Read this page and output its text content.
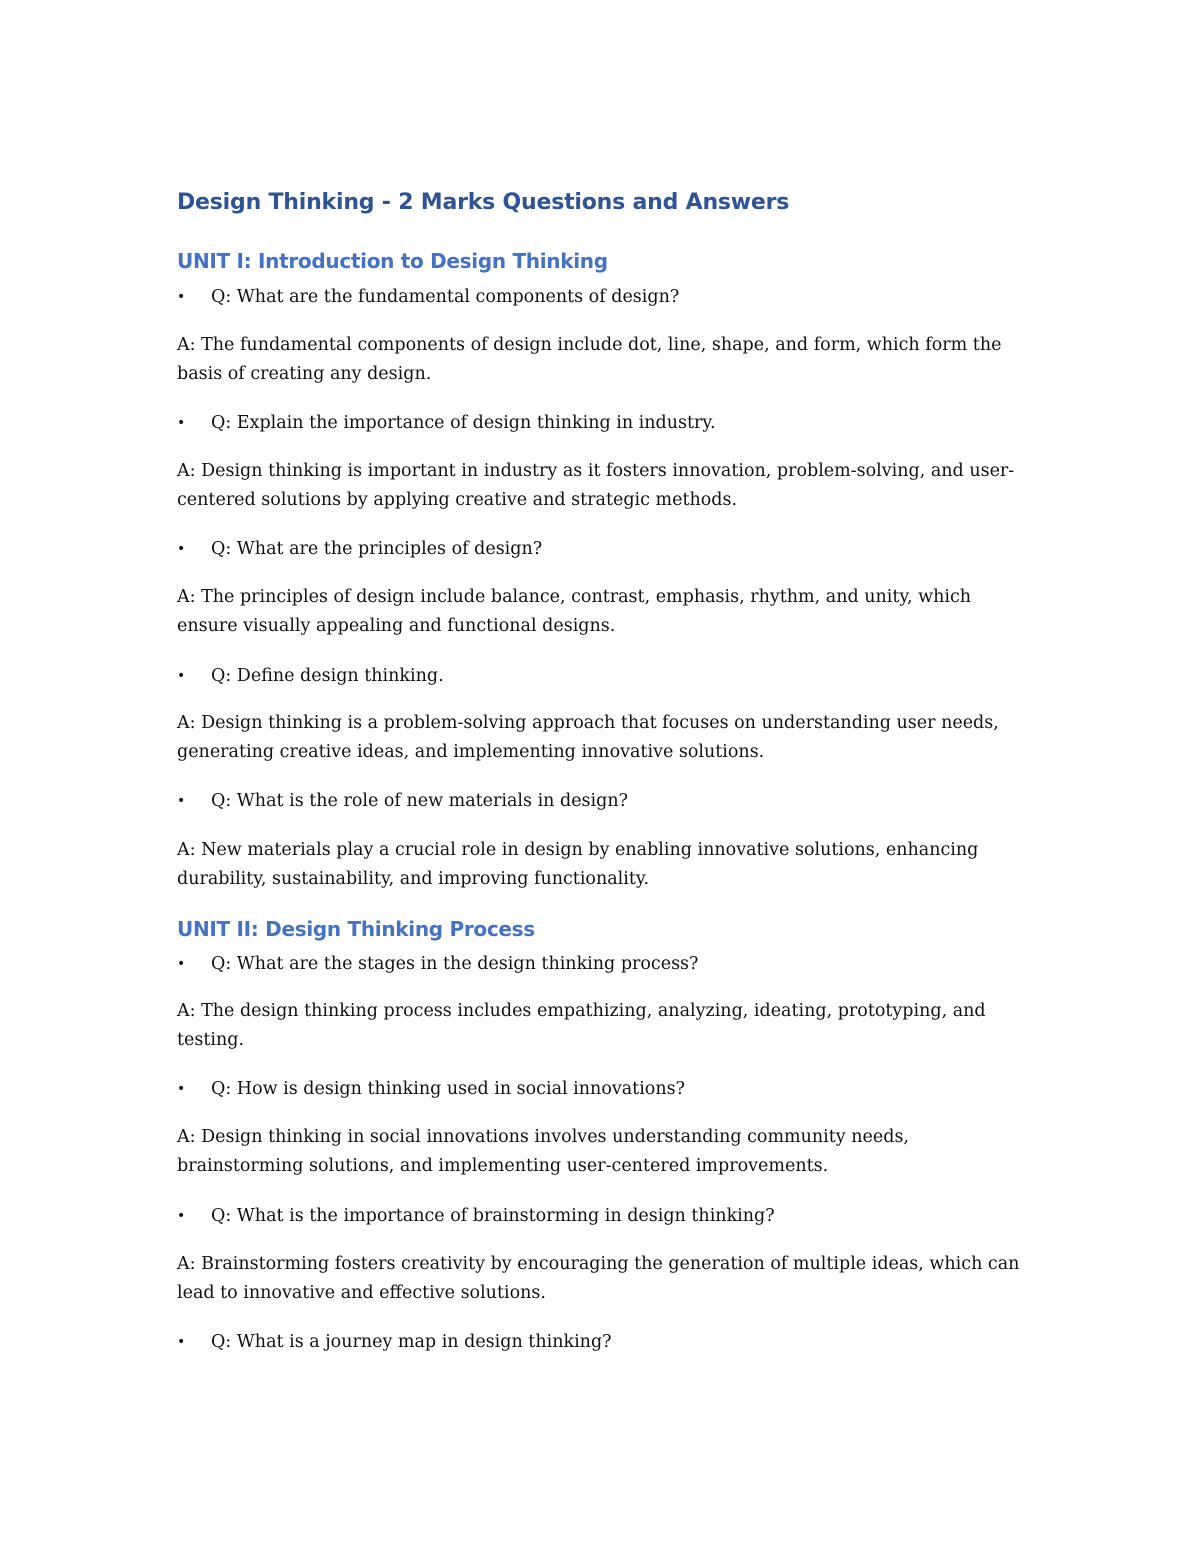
Design Thinking - 2 Marks Questions and Answers
UNIT I: Introduction to Design Thinking
• Q: What are the fundamental components of design?

A: The fundamental components of design include dot, line, shape, and form, which form the basis of creating any design.

• Q: Explain the importance of design thinking in industry.

A: Design thinking is important in industry as it fosters innovation, problem-solving, and user-centered solutions by applying creative and strategic methods.

• Q: What are the principles of design?

A: The principles of design include balance, contrast, emphasis, rhythm, and unity, which ensure visually appealing and functional designs.

• Q: Define design thinking.

A: Design thinking is a problem-solving approach that focuses on understanding user needs, generating creative ideas, and implementing innovative solutions.

• Q: What is the role of new materials in design?

A: New materials play a crucial role in design by enabling innovative solutions, enhancing durability, sustainability, and improving functionality.

UNIT II: Design Thinking Process
• Q: What are the stages in the design thinking process?

A: The design thinking process includes empathizing, analyzing, ideating, prototyping, and testing.

• Q: How is design thinking used in social innovations?

A: Design thinking in social innovations involves understanding community needs, brainstorming solutions, and implementing user-centered improvements.

• Q: What is the importance of brainstorming in design thinking?

A: Brainstorming fosters creativity by encouraging the generation of multiple ideas, which can lead to innovative and effective solutions.

• Q: What is a journey map in design thinking?
